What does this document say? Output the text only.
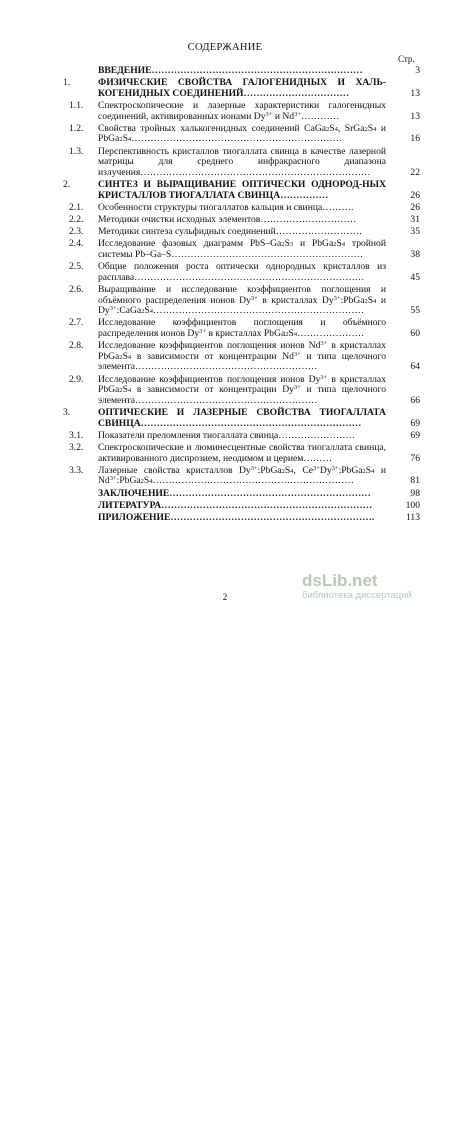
СОДЕРЖАНИЕ
Стр.
ВВЕДЕНИЕ…………………………………………………………	3
1.	ФИЗИЧЕСКИЕ СВОЙСТВА ГАЛОГЕНИДНЫХ И ХАЛЬ-КОГЕНИДНЫХ СОЕДИНЕНИЙ……………………………	13
1.1. Спектроскопические и лазерные характеристики галогенидных соединений, активированных ионами $Dy^{3+}$ и $Nd^{3+}\dots\dots\dots\dots$	13
1.2. Свойства тройных халькогенидных соединений $CaGa_2S_4$, $SrGa_2S_4$ и $PbGa_2S_4\dots\dots\dots\dots\dots\dots\dots\dots\dots\dots\dots\dots\dots\dots\dots\dots\dots\dots\dots\dots\dots\dots$	16
1.3. Перспективность кристаллов тиогаллата свинца в качестве лазерной матрицы для среднего инфракрасного диапазона излучения………………………………………………………………	22
2.	СИНТЕЗ И ВЫРАЩИВАНИЕ ОПТИЧЕСКИ ОДНОРОД-НЫХ КРИСТАЛЛОВ ТИОГАЛЛАТА СВИНЦА……………	26
2.1. Особенности структуры тиогаллатов кальция и свинца……….	26
2.2. Методики очистки исходных элементов…………………………	31
2.3. Методики синтеза сульфидных соединений………………………	35
2.4. Исследование фазовых диаграмм PbS–$Ga_2S_3$ и $PbGa_2S_4$ тройной системы Pb–Ga–S……………………………………………………	38
2.5. Общие положения роста оптически однородных кристаллов из расплава………………………………………………………………	45
2.6. Выращивание и исследование коэффициентов поглощения и объёмного распределения ионов $Dy^{3+}$ в кристаллах $Dy^{3+}:PbGa_2S_4$ и $Dy^{3+}:CaGa_2S_4\dots\dots\dots\dots\dots\dots\dots\dots\dots\dots\dots\dots\dots\dots\dots\dots\dots\dots\dots\dots\dots\dots$	55
2.7. Исследование коэффициентов поглощения и объёмного распределения ионов $Dy^{3+}$ в кристаллах $PbGa_2S_4\dots\dots\dots\dots\dots\dots\dots$	60
2.8. Исследование коэффициентов поглощения ионов $Nd^{3+}$ в кристаллах $PbGa_2S_4$ в зависимости от концентрации $Nd^{3+}$ и типа щелочного элемента…………………………………………………	64
2.9. Исследование коэффициентов поглощения ионов $Dy^{3+}$ в кристаллах $PbGa_2S_4$ в зависимости от концентрации $Dy^{3+}$ и типа щелочного элемента…………………………………………………	66
3.	ОПТИЧЕСКИЕ И ЛАЗЕРНЫЕ СВОЙСТВА ТИОГАЛЛАТА СВИНЦА……………………………………………………………	69
3.1. Показатели преломления тиогаллата свинца……………………	69
3.2. Спектроскопические и люминесцентные свойства тиогаллата свинца, активированного диспрозием, неодимом и церием………	76
3.3. Лазерные свойства кристаллов $Dy^{3+}:PbGa_2S_4$, $Ce^{3+}Dy^{3+}:PbGa_2S_4$ и $Nd^{3+}:PbGa_2S_4\dots\dots\dots\dots\dots\dots\dots\dots\dots\dots\dots\dots\dots\dots\dots\dots\dots\dots\dots\dots\dots$	81
ЗАКЛЮЧЕНИЕ………………………………………………………	98
ЛИТЕРАТУРА…………………………………………………………	100
ПРИЛОЖЕНИЕ……………………………………………………….	113
2
dsLib.net
библиотека диссертаций
